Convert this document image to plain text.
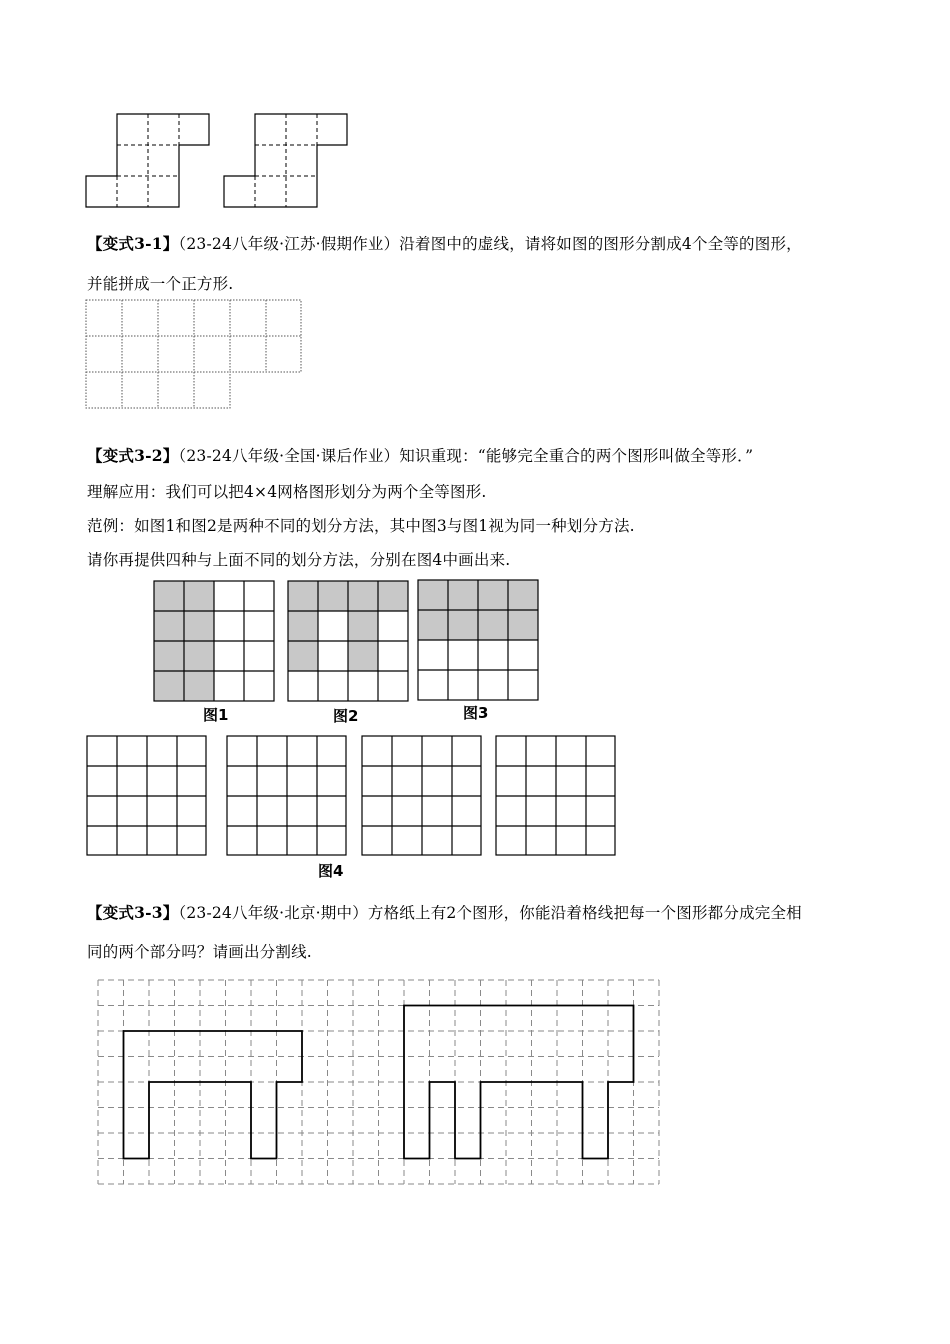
【变式3-1】（23-24八年级·江苏·假期作业）沿着图中的虚线，请将如图的图形分割成4个全等的图形，
并能拼成一个正方形.
【变式3-2】（23-24八年级·全国·课后作业）知识重现：“能够完全重合的两个图形叫做全等形．”
理解应用：我们可以把4×4网格图形划分为两个全等图形.
范例：如图1和图2是两种不同的划分方法，其中图3与图1视为同一种划分方法.
请你再提供四种与上面不同的划分方法，分别在图4中画出来.
图1	图2	图3
图4
【变式3-3】（23-24八年级·北京·期中）方格纸上有2个图形，你能沿着格线把每一个图形都分成完全相
同的两个部分吗？请画出分割线.
